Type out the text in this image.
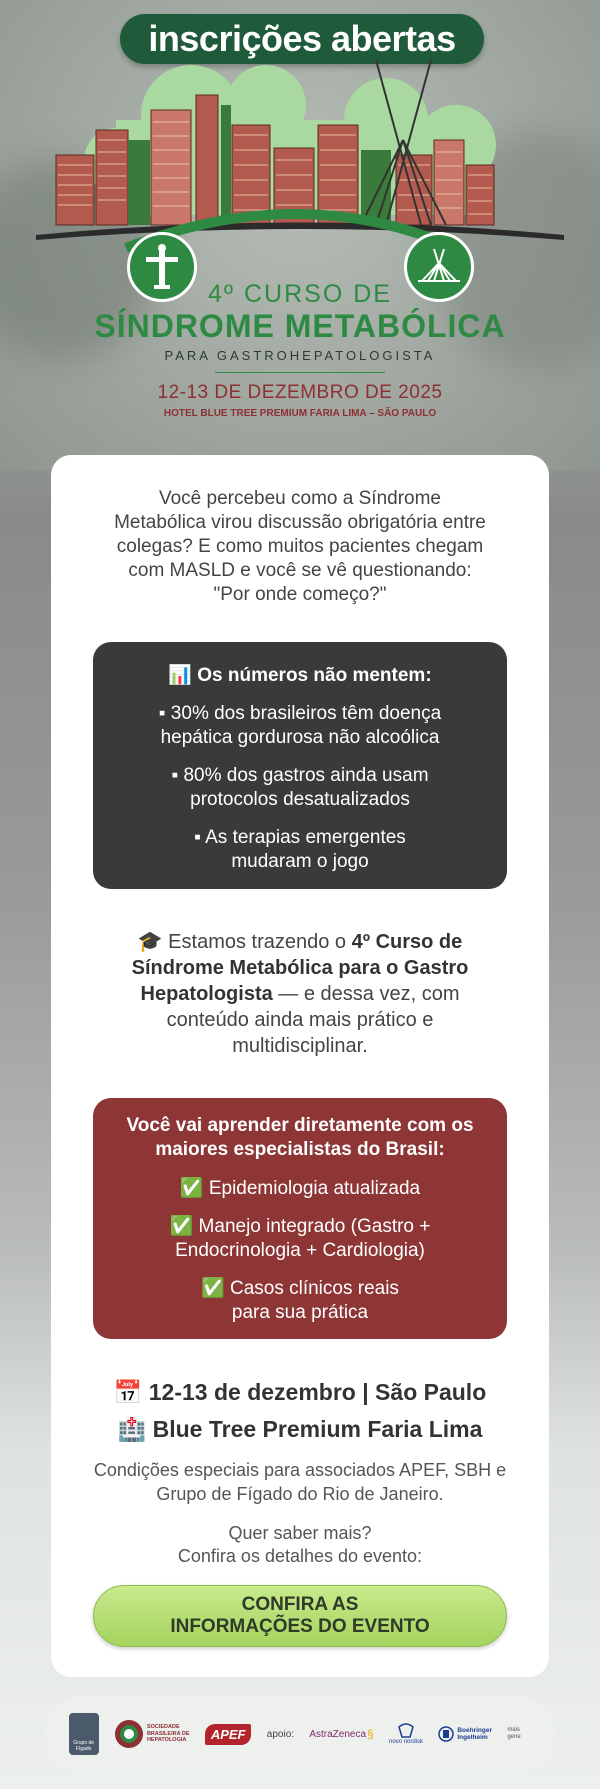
inscrições abertas
4º CURSO DE
SÍNDROME METABÓLICA
PARA GASTROHEPATOLOGISTA
12-13 DE DEZEMBRO DE 2025
HOTEL BLUE TREE PREMIUM FARIA LIMA – SÃO PAULO

Você percebeu como a Síndrome Metabólica virou discussão obrigatória entre colegas? E como muitos pacientes chegam com MASLD e você se vê questionando: "Por onde começo?"

📊 Os números não mentem:
▪ 30% dos brasileiros têm doença hepática gordurosa não alcoólica
▪ 80% dos gastros ainda usam protocolos desatualizados
▪ As terapias emergentes mudaram o jogo

🎓 Estamos trazendo o 4º Curso de Síndrome Metabólica para o Gastro Hepatologista — e dessa vez, com conteúdo ainda mais prático e multidisciplinar.

Você vai aprender diretamente com os maiores especialistas do Brasil:
✅ Epidemiologia atualizada
✅ Manejo integrado (Gastro + Endocrinologia + Cardiologia)
✅ Casos clínicos reais para sua prática
📅 12-13 de dezembro | São Paulo
🏥 Blue Tree Premium Faria Lima

Condições especiais para associados APEF, SBH e Grupo de Fígado do Rio de Janeiro.

Quer saber mais?
Confira os detalhes do evento:
CONFIRA AS
INFORMAÇÕES DO EVENTO
Grupo de Fígado
SOCIEDADE
BRASILEIRA DE
HEPATOLOGIA	APEF	apoio: AstraZeneca §
novo nordisk
Boehringer
Ingelheim
mais gene
